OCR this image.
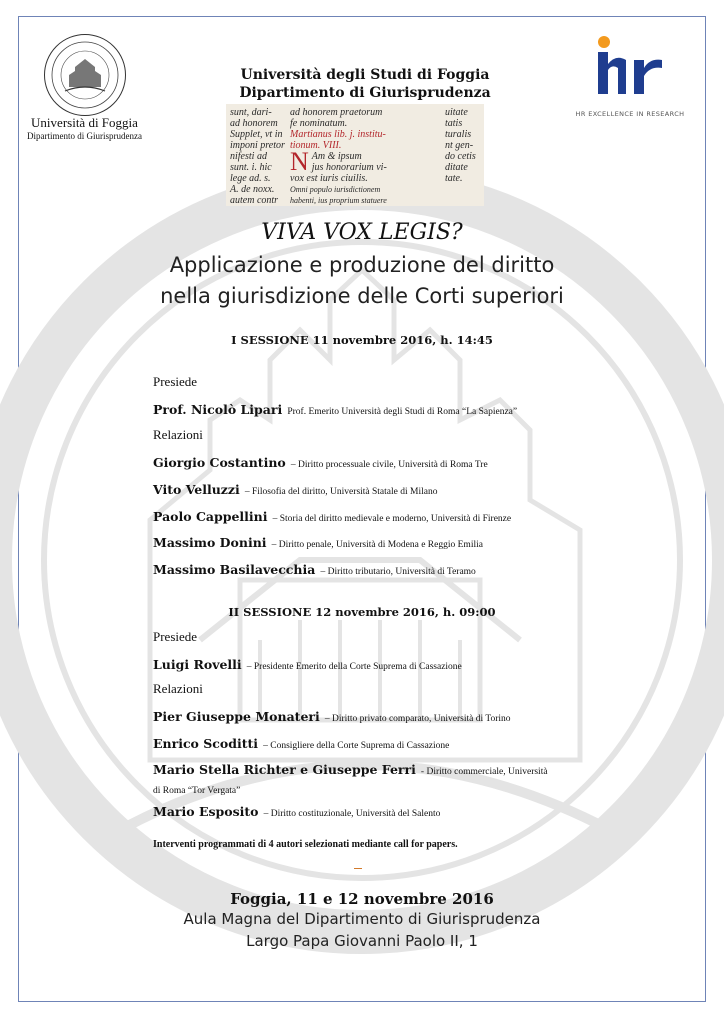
Università di Foggia
Dipartimento di Giurisprudenza
HR EXCELLENCE IN RESEARCH
Università degli Studi di Foggia
Dipartimento di Giurisprudenza
sunt, dari-
ad honorem
Supplet, vt in
imponi pretor
nifesti ad
sunt. i. hic
lege ad. s.
A. de noxx.
autem contr
ad honorem praetorum
fe nominatum.
Martianus lib. j. institu-
tionum. VIII.
N Am & ipsum
jus honorarium vi-
vox est iuris ciuilis.
Omni populo iurisdictionem
habenti, ius proprium statuere
uitate
tatis
turalis
nt gen-
do cetis
ditate
tate.
VIVA VOX LEGIS?
Applicazione e produzione del diritto
nella giurisdizione delle Corti superiori
I SESSIONE 11 novembre 2016, h. 14:45
Presiede
Prof. Nicolò Lipari Prof. Emerito Università degli Studi di Roma “La Sapienza”
Relazioni
Giorgio Costantino – Diritto processuale civile, Università di Roma Tre
Vito Velluzzi – Filosofia del diritto, Università Statale di Milano
Paolo Cappellini – Storia del diritto medievale e moderno, Università di Firenze
Massimo Donini – Diritto penale, Università di Modena e Reggio Emilia
Massimo Basilavecchia – Diritto tributario, Università di Teramo
II SESSIONE 12 novembre 2016, h. 09:00
Presiede
Luigi Rovelli – Presidente Emerito della Corte Suprema di Cassazione
Relazioni
Pier Giuseppe Monateri – Diritto privato comparato, Università di Torino
Enrico Scoditti – Consigliere della Corte Suprema di Cassazione
Mario Stella Richter e Giuseppe Ferri - Diritto commerciale, Università di Roma “Tor Vergata”
Mario Esposito – Diritto costituzionale, Università del Salento
Interventi programmati di 4 autori selezionati mediante call for papers.
Foggia, 11 e 12 novembre 2016
Aula Magna del Dipartimento di Giurisprudenza
Largo Papa Giovanni Paolo II, 1
